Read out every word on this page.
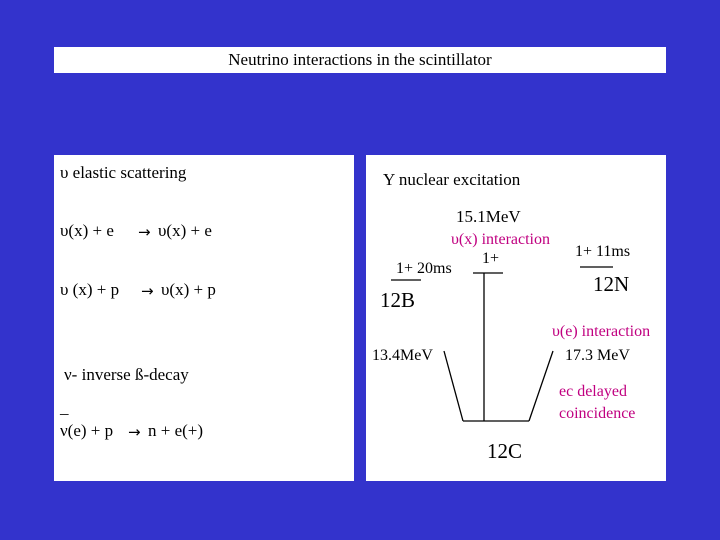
Neutrino interactions in the scintillator
υ elastic scattering
υ(x) + e → υ(x) + e
υ (x) + p → υ(x) + p
ν- inverse ß-decay
_
ν(e) + p → n + e(+)
Υ nuclear excitation
15.1MeV
υ(x) interaction
1+
1+ 20ms
12B
1+ 11ms
12N
υ(e) interaction
17.3 MeV
13.4MeV
ec delayed
coincidence
12C
